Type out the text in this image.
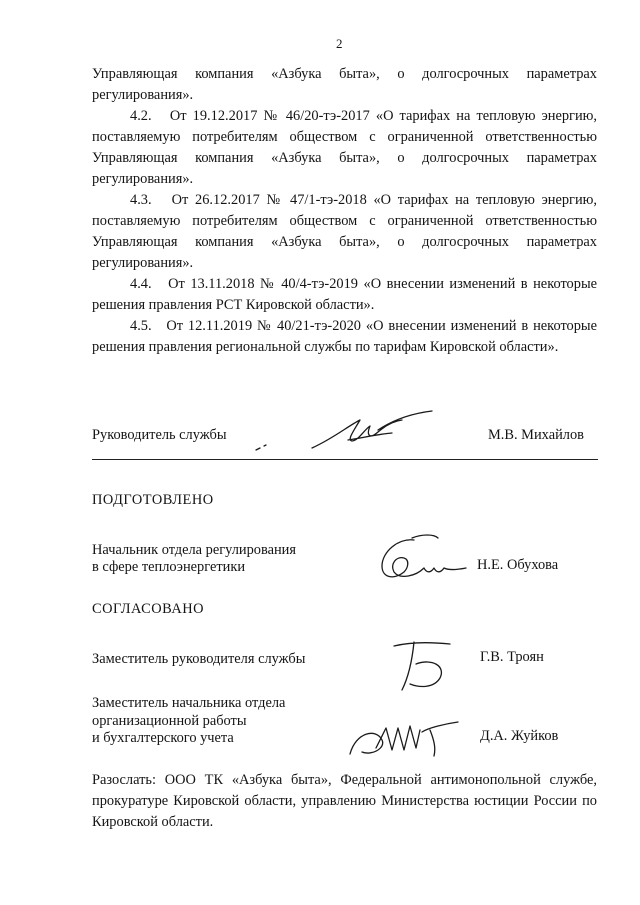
2
Управляющая компания «Азбука быта», о долгосрочных параметрах регулирования».
4.2.   От 19.12.2017 № 46/20-тэ-2017 «О тарифах на тепловую энергию, поставляемую потребителям обществом с ограниченной ответственностью Управляющая компания «Азбука быта», о долгосрочных параметрах регулирования».
4.3.   От 26.12.2017 № 47/1-тэ-2018 «О тарифах на тепловую энергию, поставляемую потребителям обществом с ограниченной ответственностью Управляющая компания «Азбука быта», о долгосрочных параметрах регулирования».
4.4.   От 13.11.2018 № 40/4-тэ-2019 «О внесении изменений в некоторые решения правления РСТ Кировской области».
4.5.   От 12.11.2019 № 40/21-тэ-2020 «О внесении изменений в некоторые решения правления региональной службы по тарифам Кировской области».
Руководитель службы	М.В. Михайлов
ПОДГОТОВЛЕНО
Начальник отдела регулирования
в сфере теплоэнергетики	Н.Е. Обухова
СОГЛАСОВАНО
Заместитель руководителя службы	Г.В. Троян
Заместитель начальника отдела
организационной работы
и бухгалтерского учета	Д.А. Жуйков
Разослать: ООО ТК «Азбука быта», Федеральной антимонопольной службе, прокуратуре Кировской области, управлению Министерства юстиции России по Кировской области.
